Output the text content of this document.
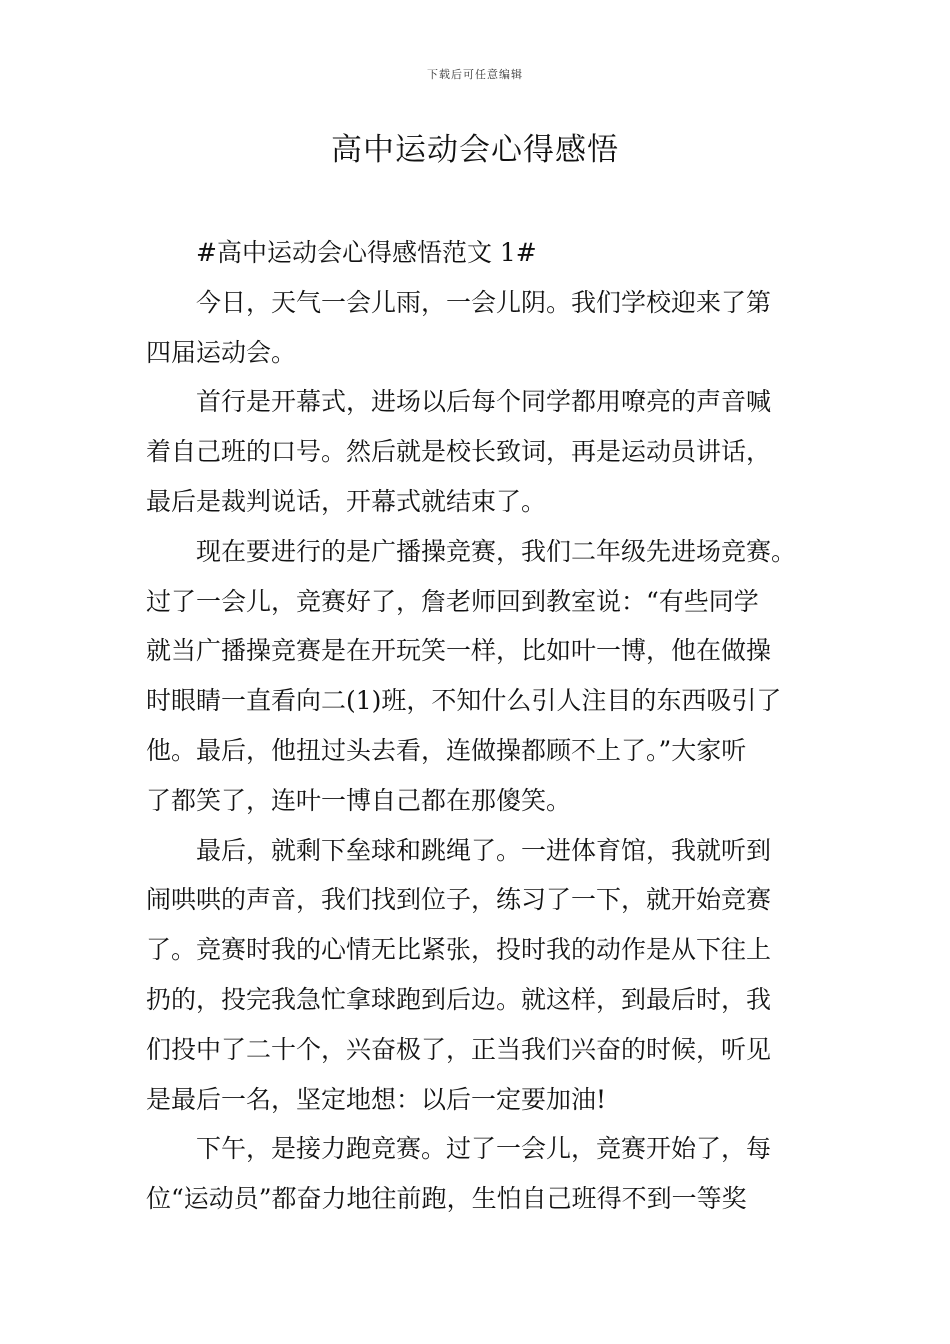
下载后可任意编辑
高中运动会心得感悟

#高中运动会心得感悟范文 1#

今日，天气一会儿雨，一会儿阴。我们学校迎来了第

四届运动会。

首行是开幕式，进场以后每个同学都用嘹亮的声音喊

着自己班的口号。然后就是校长致词，再是运动员讲话，

最后是裁判说话，开幕式就结束了。

现在要进行的是广播操竞赛，我们二年级先进场竞赛。

过了一会儿，竞赛好了，詹老师回到教室说：“有些同学

就当广播操竞赛是在开玩笑一样，比如叶一博，他在做操

时眼睛一直看向二(1)班，不知什么引人注目的东西吸引了

他。最后，他扭过头去看，连做操都顾不上了。”大家听

了都笑了，连叶一博自己都在那傻笑。

最后，就剩下垒球和跳绳了。一进体育馆，我就听到

闹哄哄的声音，我们找到位子，练习了一下，就开始竞赛

了。竞赛时我的心情无比紧张，投时我的动作是从下往上

扔的，投完我急忙拿球跑到后边。就这样，到最后时，我

们投中了二十个，兴奋极了，正当我们兴奋的时候，听见

是最后一名，坚定地想：以后一定要加油!

下午，是接力跑竞赛。过了一会儿，竞赛开始了，每

位“运动员”都奋力地往前跑，生怕自己班得不到一等奖
